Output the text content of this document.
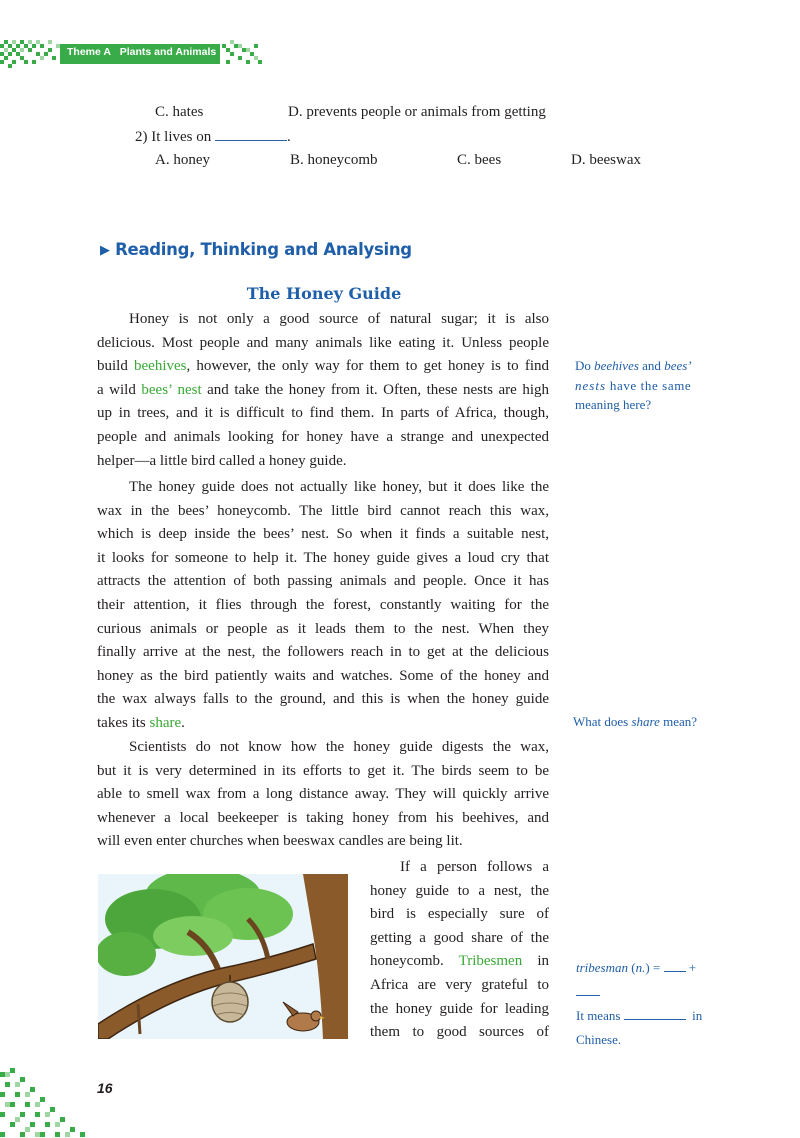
Theme A Plants and Animals
C. hates	D. prevents people or animals from getting
2) It lives on	.
A. honey	B. honeycomb	C. bees	D. beeswax
▶ Reading, Thinking and Analysing
The Honey Guide
Honey is not only a good source of natural sugar; it is also
delicious. Most people and many animals like eating it. Unless people
build beehives, however, the only way for them to get honey is to find
a wild bees’ nest and take the honey from it. Often, these nests are high
up in trees, and it is difficult to find them. In parts of Africa, though,
people and animals looking for honey have a strange and unexpected
helper—a little bird called a honey guide.
The honey guide does not actually like honey, but it does like the
wax in the bees’ honeycomb. The little bird cannot reach this wax,
which is deep inside the bees’ nest. So when it finds a suitable nest,
it looks for someone to help it. The honey guide gives a loud cry that
attracts the attention of both passing animals and people. Once it has
their attention, it flies through the forest, constantly waiting for the
curious animals or people as it leads them to the nest. When they
finally arrive at the nest, the followers reach in to get at the delicious
honey as the bird patiently waits and watches. Some of the honey and
the wax always falls to the ground, and this is when the honey guide
takes its share.
Scientists do not know how the honey guide digests the wax,
but it is very determined in its efforts to get it. The birds seem to be
able to smell wax from a long distance away. They will quickly arrive
whenever a local beekeeper is taking honey from his beehives, and
will even enter churches when beeswax candles are being lit.
If a person follows a
honey guide to a nest, the
bird is especially sure of
getting a good share of the
honeycomb. Tribesmen in
Africa are very grateful to
the honey guide for leading
them to good sources of
Do beehives and bees’
nests have the same
meaning here?
What does share mean?
tribesman (n.) =  +

It means	in
Chinese.
16
